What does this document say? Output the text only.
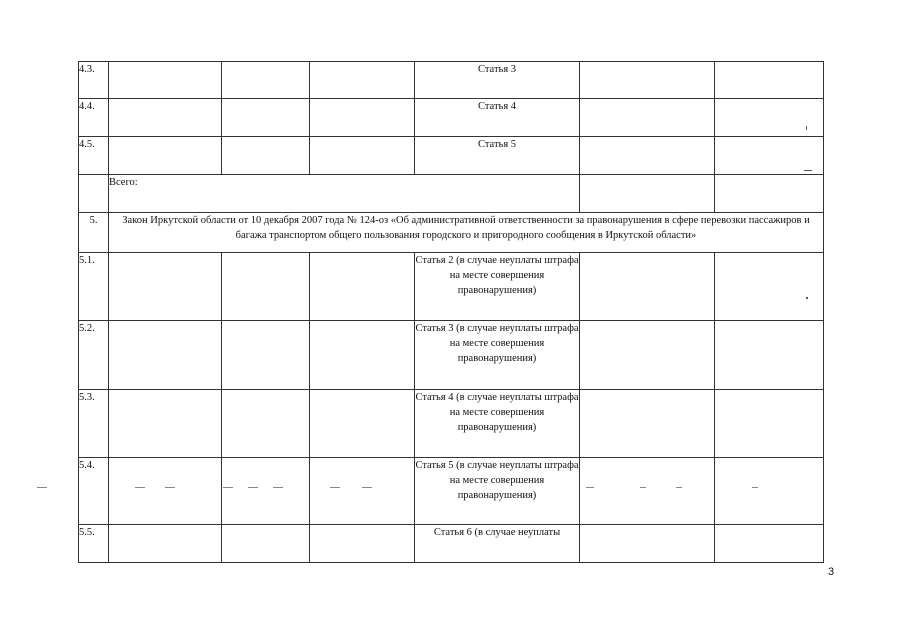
4.3.				Статья 3		
4.4.				Статья 4		
4.5.				Статья 5		
	Всего:					
5.	Закон Иркутской области от 10 декабря 2007 года № 124-оз «Об административной ответственности за правонарушения в сфере перевозки пассажиров и багажа транспортом общего пользования городского и пригородного сообщения в Иркутской области»					
5.1.				Статья 2 (в случае неуплаты штрафа на месте совершения правонарушения)		
5.2.				Статья 3 (в случае неуплаты штрафа на месте совершения правонарушения)		
5.3.				Статья 4 (в случае неуплаты штрафа на месте совершения правонарушения)		
5.4.				Статья 5 (в случае неуплаты штрафа на месте совершения правонарушения)		
5.5.				Статья 6 (в случае неуплаты		
3
